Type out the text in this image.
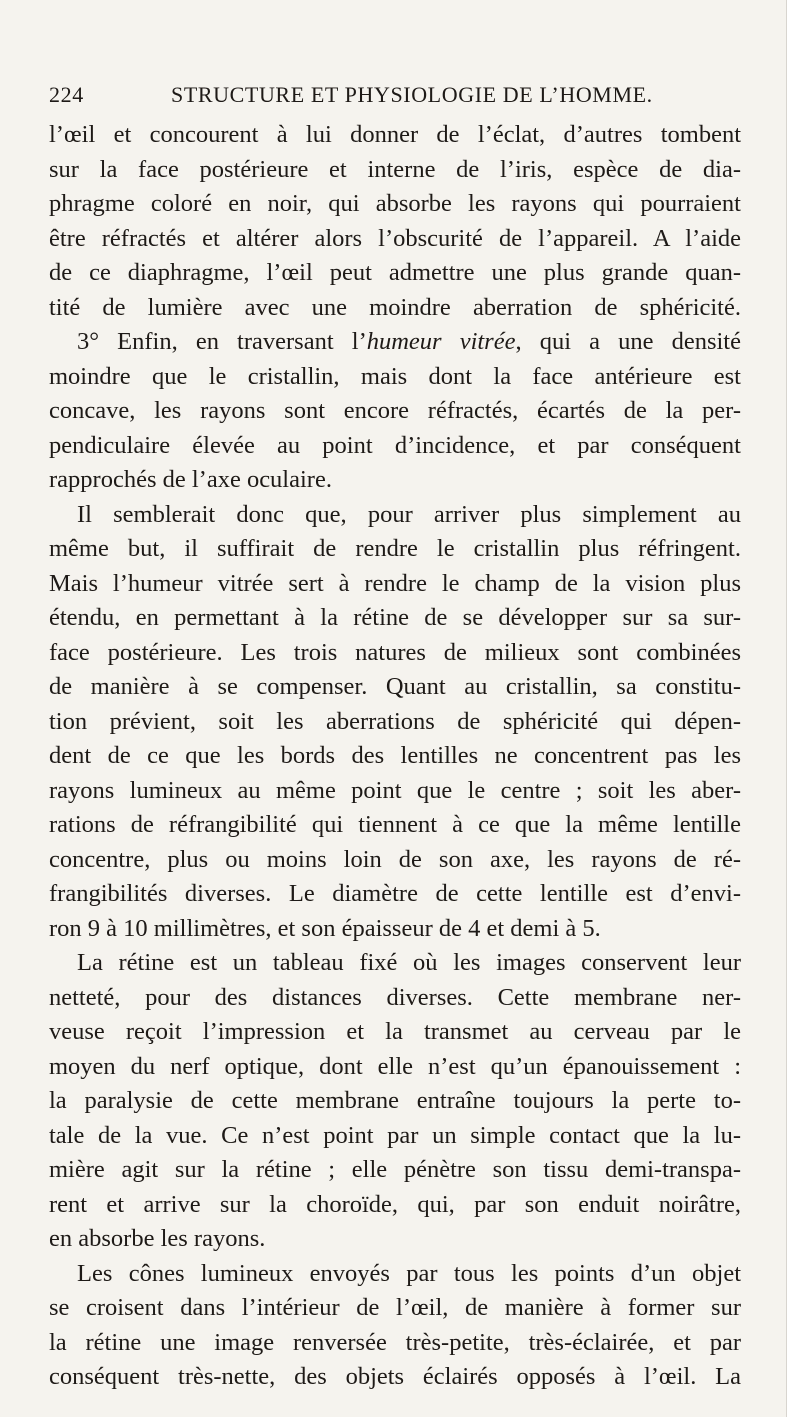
224	STRUCTURE ET PHYSIOLOGIE DE L’HOMME.
l’œil et concourent à lui donner de l’éclat, d’autres tombent
sur la face postérieure et interne de l’iris, espèce de dia-
phragme coloré en noir, qui absorbe les rayons qui pourraient
être réfractés et altérer alors l’obscurité de l’appareil. A l’aide
de ce diaphragme, l’œil peut admettre une plus grande quan-
tité de lumière avec une moindre aberration de sphéricité.
3° Enfin, en traversant l’humeur vitrée, qui a une densité
moindre que le cristallin, mais dont la face antérieure est
concave, les rayons sont encore réfractés, écartés de la per-
pendiculaire élevée au point d’incidence, et par conséquent
rapprochés de l’axe oculaire.
Il semblerait donc que, pour arriver plus simplement au
même but, il suffirait de rendre le cristallin plus réfringent.
Mais l’humeur vitrée sert à rendre le champ de la vision plus
étendu, en permettant à la rétine de se développer sur sa sur-
face postérieure. Les trois natures de milieux sont combinées
de manière à se compenser. Quant au cristallin, sa constitu-
tion prévient, soit les aberrations de sphéricité qui dépen-
dent de ce que les bords des lentilles ne concentrent pas les
rayons lumineux au même point que le centre ; soit les aber-
rations de réfrangibilité qui tiennent à ce que la même lentille
concentre, plus ou moins loin de son axe, les rayons de ré-
frangibilités diverses. Le diamètre de cette lentille est d’envi-
ron 9 à 10 millimètres, et son épaisseur de 4 et demi à 5.
La rétine est un tableau fixé où les images conservent leur
netteté, pour des distances diverses. Cette membrane ner-
veuse reçoit l’impression et la transmet au cerveau par le
moyen du nerf optique, dont elle n’est qu’un épanouissement :
la paralysie de cette membrane entraîne toujours la perte to-
tale de la vue. Ce n’est point par un simple contact que la lu-
mière agit sur la rétine ; elle pénètre son tissu demi-transpa-
rent et arrive sur la choroïde, qui, par son enduit noirâtre,
en absorbe les rayons.
Les cônes lumineux envoyés par tous les points d’un objet
se croisent dans l’intérieur de l’œil, de manière à former sur
la rétine une image renversée très-petite, très-éclairée, et par
conséquent très-nette, des objets éclairés opposés à l’œil. La
